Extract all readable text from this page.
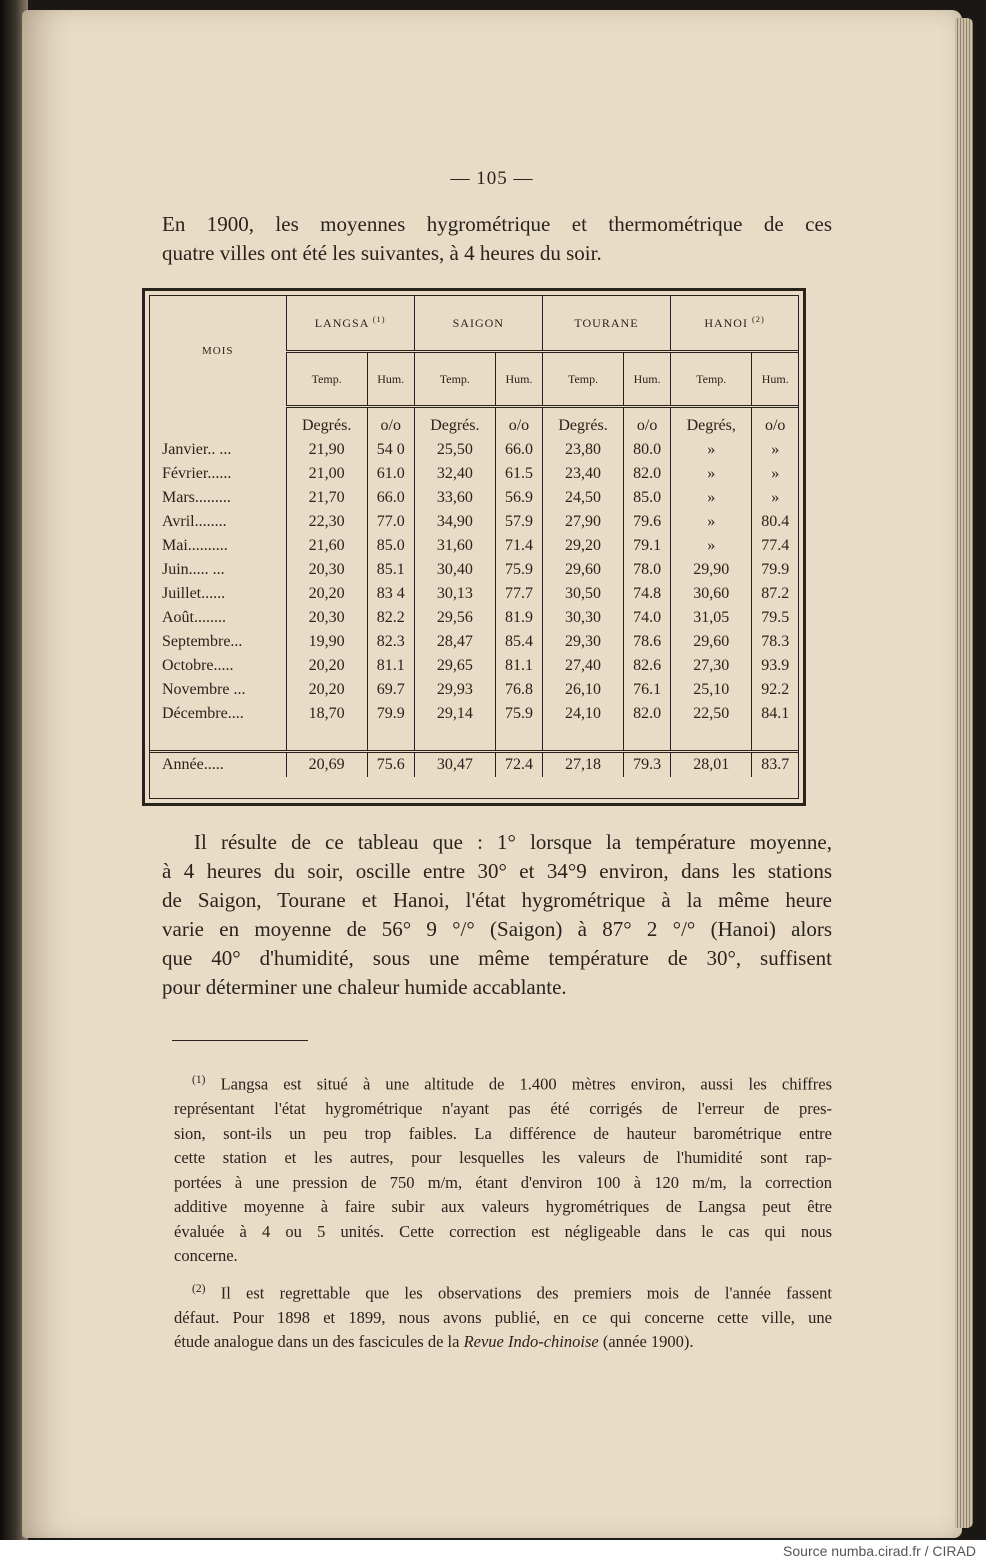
— 105 —

En 1900, les moyennes hygrométrique et thermométrique de ces
quatre villes ont été les suivantes, à 4 heures du soir.

MOIS	LANGSA $^{(1)}$		SAIGON		TOURANE		HANOI $^{(2)}$
	Temp.	Hum.	Temp.	Hum.	Temp.	Hum.	Temp.	Hum.
	Degrés.	o/o	Degrés.	o/o	Degrés.	o/o	Degrés,	o/o
Janvier.. ...	21,90	54 0	25,50	66.0	23,80	80.0	»	»
Février......	21,00	61.0	32,40	61.5	23,40	82.0	»	»
Mars.........	21,70	66.0	33,60	56.9	24,50	85.0	»	»
Avril........	22,30	77.0	34,90	57.9	27,90	79.6	»	80.4
Mai..........	21,60	85.0	31,60	71.4	29,20	79.1	»	77.4
Juin..... ...	20,30	85.1	30,40	75.9	29,60	78.0	29,90	79.9
Juillet......	20,20	83 4	30,13	77.7	30,50	74.8	30,60	87.2
Août........	20,30	82.2	29,56	81.9	30,30	74.0	31,05	79.5
Septembre...	19,90	82.3	28,47	85.4	29,30	78.6	29,60	78.3
Octobre.....	20,20	81.1	29,65	81.1	27,40	82.6	27,30	93.9
Novembre ...	20,20	69.7	29,93	76.8	26,10	76.1	25,10	92.2
Décembre....	18,70	79.9	29,14	75.9	24,10	82.0	22,50	84.1

Année.....	20,69	75.6	30,47	72.4	27,18	79.3	28,01	83.7

Il résulte de ce tableau que : 1° lorsque la température moyenne,
à 4 heures du soir, oscille entre 30° et 34°9 environ, dans les stations
de Saigon, Tourane et Hanoi, l'état hygrométrique à la même heure
varie en moyenne de 56° 9 °/° (Saigon) à 87° 2 °/° (Hanoi) alors
que 40° d'humidité, sous une même température de 30°, suffisent
pour déterminer une chaleur humide accablante.

$^{(1)}$ Langsa est situé à une altitude de 1.400 mètres environ, aussi les chiffres
représentant l'état hygrométrique n'ayant pas été corrigés de l'erreur de pres-
sion, sont-ils un peu trop faibles. La différence de hauteur barométrique entre
cette station et les autres, pour lesquelles les valeurs de l'humidité sont rap-
portées à une pression de 750 m/m, étant d'environ 100 à 120 m/m, la correction
additive moyenne à faire subir aux valeurs hygrométriques de Langsa peut être
évaluée à 4 ou 5 unités. Cette correction est négligeable dans le cas qui nous
concerne.
$^{(2)}$ Il est regrettable que les observations des premiers mois de l'année fassent
défaut. Pour 1898 et 1899, nous avons publié, en ce qui concerne cette ville, une
étude analogue dans un des fascicules de la Revue Indo-chinoise (année 1900).

Source numba.cirad.fr / CIRAD
